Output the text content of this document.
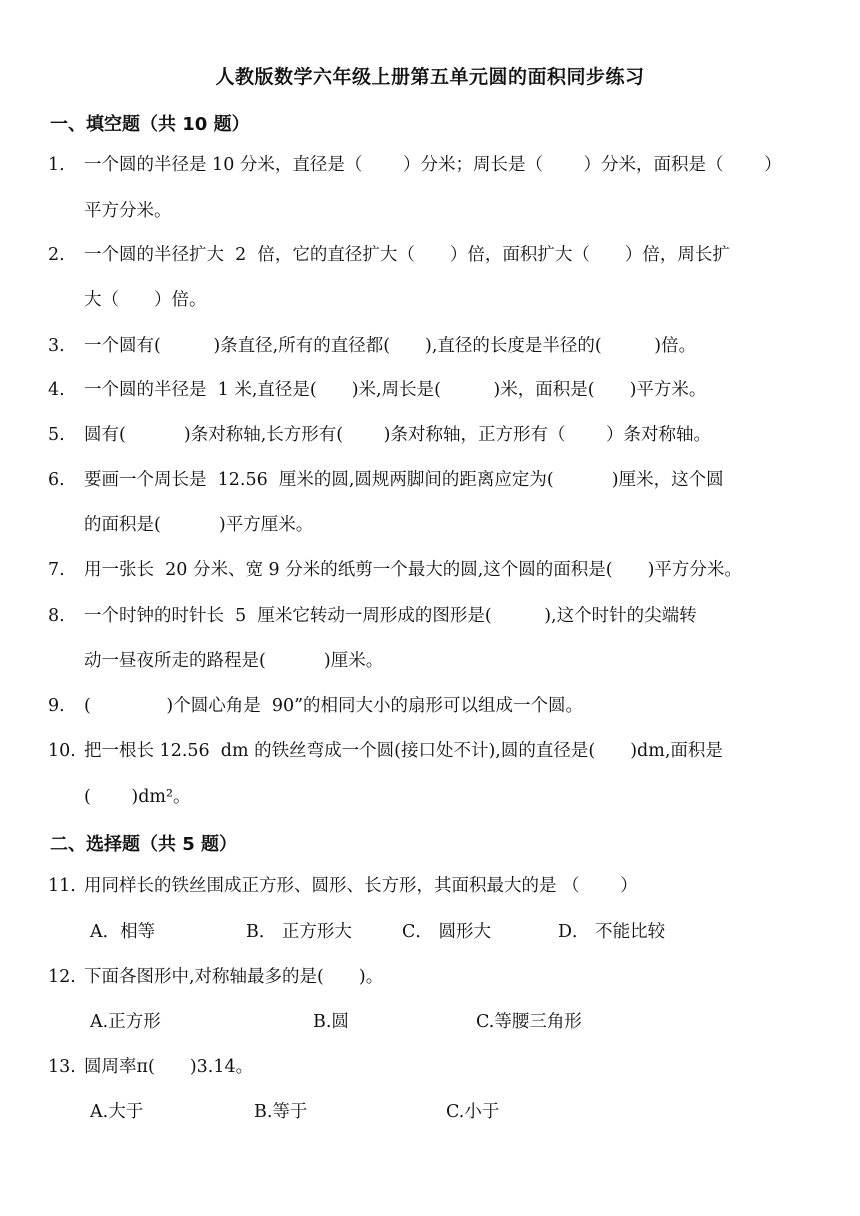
人教版数学六年级上册第五单元圆的面积同步练习
一、填空题（共 10 题）
1. 一个圆的半径是 10 分米，直径是（　　 ）分米；周长是（　　 ）分米，面积是（　　 ）
平方分米。
2. 一个圆的半径扩大  2  倍，它的直径扩大（　　）倍，面积扩大（　　）倍，周长扩
大（　　）倍。
3. 一个圆有(　　　)条直径,所有的直径都(　　),直径的长度是半径的(　　　)倍。
4. 一个圆的半径是  1 米,直径是(　　)米,周长是(　　　)米，面积是(　　)平方米。
5. 圆有(　　　 )条对称轴,长方形有(　　 )条对称轴，正方形有（　　 ）条对称轴。
6. 要画一个周长是  12.56  厘米的圆,圆规两脚间的距离应定为(　　　 )厘米，这个圆
的面积是(　　　 )平方厘米。
7. 用一张长  20 分米、宽 9 分米的纸剪一个最大的圆,这个圆的面积是(　　)平方分米。
8. 一个时钟的时针长  5  厘米它转动一周形成的图形是(　　　),这个时针的尖端转
动一昼夜所走的路程是(　　　 )厘米。
9. (　　　　 )个圆心角是  90”的相同大小的扇形可以组成一个圆。
10. 把一根长 12.56  dm 的铁丝弯成一个圆(接口处不计),圆的直径是(　　)dm,面积是
(　　 )dm²。
二、选择题（共 5 题）
11. 用同样长的铁丝围成正方形、圆形、长方形，其面积最大的是 （　　 ）
A．相等	B． 正方形大	C． 圆形大	D． 不能比较
12. 下面各图形中,对称轴最多的是(　　)。
A.正方形	B.圆	C.等腰三角形
13. 圆周率π(　　)3.14。
A.大于	B.等于	C.小于
